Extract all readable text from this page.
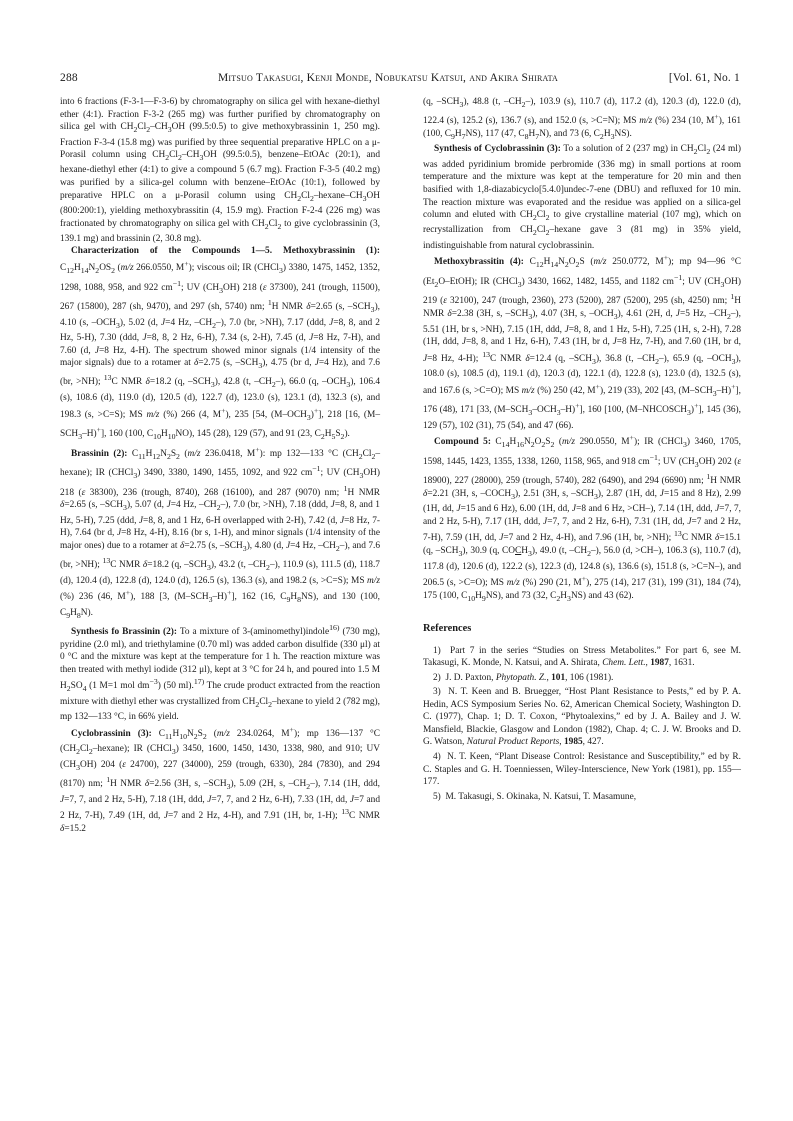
288	Mitsuo Takasugi, Kenji Monde, Nobukatsu Katsui, and Akira Shirata	[Vol. 61, No. 1

into 6 fractions (F-3-1—F-3-6) by chromatography on silica gel with hexane-diethyl ether (4:1). Fraction F-3-2 (265 mg) was further purified by chromatography on silica gel with $CH_2Cl_2-CH_3OH$ (99.5:0.5) to give methoxybrassinin 1, 250 mg). Fraction F-3-4 (15.8 mg) was purified by three sequential preparative HPLC on a μ-Porasil column using $CH_2Cl_2-CH_3OH$ (99.5:0.5), benzene–EtOAc (20:1), and hexane-diethyl ether (4:1) to give a compound 5 (6.7 mg). Fraction F-3-5 (40.2 mg) was purified by a silica-gel column with benzene–EtOAc (10:1), followed by preparative HPLC on a μ-Porasil column using $CH_2Cl_2-hexane-CH_3OH$ (800:200:1), yielding methoxybrassitin (4, 15.9 mg). Fraction F-2-4 (226 mg) was fractionated by chromatography on silica gel with $CH_2Cl_2$ to give cyclobrassinin (3, 139.1 mg) and brassinin (2, 30.8 mg).

Characterization of the Compounds 1—5. Methoxybrassinin (1): $C_{12}H_{14}N_2OS_2$ (m/z 266.0550, M+); viscous oil; IR (CHCl$_3$) 3380, 1475, 1452, 1352, 1298, 1088, 958, and 922 $cm^{-1}$; UV $(CH_3OH)$ 218 (ε 37300), 241 (trough, 11500), 267 (15800), 287 (sh, 9470), and 297 (sh, 5740) nm; $^1$H NMR δ=2.65 (s, $-SCH_3$), 4.10 (s, $-OCH_3$), 5.02 (d, J=4 Hz, $-CH_2-$), 7.0 (br, >NH), 7.17 (ddd, J=8, 8, and 2 Hz, 5-H), 7.30 (ddd, J=8, 8, 2 Hz, 6-H), 7.34 (s, 2-H), 7.45 (d, J=8 Hz, 7-H), and 7.60 (d, J=8 Hz, 4-H). The spectrum showed minor signals (1/4 intensity of the major signals) due to a rotamer at δ=2.75 (s, $-SCH_3$), 4.75 (br d, J=4 Hz), and 7.6 (br, >NH); $^{13}$C NMR δ=18.2 (q, $-SCH_3$), 42.8 (t, $-CH_2-$), 66.0 (q, $-OCH_3$), 106.4 (s), 108.6 (d), 119.0 (d), 120.5 (d), 122.7 (d), 123.0 (s), 123.1 (d), 132.3 (s), and 198.3 (s, >C=S); MS m/z (%) 266 (4, M+), 235 [54, $(M-OCH_3)^+$], 218 [16, $(M-SCH_3-H)^+$], 160 (100, $C_{10}H_{10}NO$), 145 (28), 129 (57), and 91 (23, $C_2H_5S_2$).

Brassinin (2): $C_{11}H_{12}N_2S_2$ (m/z 236.0418, M+): mp 132—133 °C $(CH_2Cl_2-hexane)$; IR (CHCl$_3$) 3490, 3380, 1490, 1455, 1092, and 922 $cm^{-1}$; UV $(CH_3OH)$ 218 (ε 38300), 236 (trough, 8740), 268 (16100), and 287 (9070) nm; $^1$H NMR δ=2.65 (s, $-SCH_3$), 5.07 (d, J=4 Hz, $-CH_2-$), 7.0 (br, >NH), 7.18 (ddd, J=8, 8, and 1 Hz, 5-H), 7.25 (ddd, J=8, 8, and 1 Hz, 6-H overlapped with 2-H), 7.42 (d, J=8 Hz, 7-H), 7.64 (br d, J=8 Hz, 4-H), 8.16 (br s, 1-H), and minor signals (1/4 intensity of the major ones) due to a rotamer at δ=2.75 (s, $-SCH_3$), 4.80 (d, J=4 Hz, $-CH_2-$), and 7.6 (br, >NH); $^{13}$C NMR δ=18.2 (q, $-SCH_3$), 43.2 (t, $-CH_2-$), 110.9 (s), 111.5 (d), 118.7 (d), 120.4 (d), 122.8 (d), 124.0 (d), 126.5 (s), 136.3 (s), and 198.2 (s, >C=S); MS m/z (%) 236 (46, M+), 188 [3, $(M-SCH_3-H)^+$], 162 (16, $C_9H_8NS$), and 130 (100, $C_9H_8N$).

Synthesis fo Brassinin (2): To a mixture of 3-(aminomethyl)indole$^{16)}$ (730 mg), pyridine (2.0 ml), and triethylamine (0.70 ml) was added carbon disulfide (330 μl) at 0 °C and the mixture was kept at the temperature for 1 h. The reaction mixture was then treated with methyl iodide (312 μl), kept at 3 °C for 24 h, and poured into 1.5 M $H_2SO_4$ (1 M=1 mol $dm^{-3}$) (50 ml).$^{17)}$ The crude product extracted from the reaction mixture with diethyl ether was crystallized from $CH_2Cl_2$–hexane to yield 2 (782 mg), mp 132—133 °C, in 66% yield.

Cyclobrassinin (3): $C_{11}H_{10}N_2S_2$ (m/z 234.0264, M+); mp 136—137 °C $(CH_2Cl_2-hexane)$; IR (CHCl$_3$) 3450, 1600, 1450, 1430, 1338, 980, and 910; UV $(CH_3OH)$ 204 (ε 24700), 227 (34000), 259 (trough, 6330), 284 (7830), and 294 (8170) nm; $^1$H NMR δ=2.56 (3H, s, $-SCH_3$), 5.09 (2H, s, $-CH_2-$), 7.14 (1H, ddd, J=7, 7, and 2 Hz, 5-H), 7.18 (1H, ddd, J=7, 7, and 2 Hz, 6-H), 7.33 (1H, dd, J=7 and 2 Hz, 7-H), 7.49 (1H, dd, J=7 and 2 Hz, 4-H), and 7.91 (1H, br, 1-H); $^{13}$C NMR δ=15.2

(q, $-SCH_3$), 48.8 (t, $-CH_2-$), 103.9 (s), 110.7 (d), 117.2 (d), 120.3 (d), 122.0 (d), 122.4 (s), 125.2 (s), 136.7 (s), and 152.0 (s, >C=N); MS m/z (%) 234 (10, M+), 161 (100, $C_9H_7NS$), 117 (47, $C_8H_7N$), and 73 (6, $C_2H_3NS$).

Synthesis of Cyclobrassinin (3): To a solution of 2 (237 mg) in $CH_2Cl_2$ (24 ml) was added pyridinium bromide perbromide (336 mg) in small portions at room temperature and the mixture was kept at the temperature for 20 min and then basified with 1,8-diazabicyclo[5.4.0]undec-7-ene (DBU) and refluxed for 10 min. The reaction mixture was evaporated and the residue was applied on a silica-gel column and eluted with $CH_2Cl_2$ to give crystalline material (107 mg), which on recrystallization from $CH_2Cl_2$–hexane gave 3 (81 mg) in 35% yield, indistinguishable from natural cyclobrassinin.

Methoxybrassitin (4): $C_{12}H_{14}N_2O_2S$ (m/z 250.0772, M+); mp 94—96 °C $(Et_2O-EtOH)$; IR (CHCl$_3$) 3430, 1662, 1482, 1455, and 1182 $cm^{-1}$; UV $(CH_3OH)$ 219 (ε 32100), 247 (trough, 2360), 273 (5200), 287 (5200), 295 (sh, 4250) nm; $^1$H NMR δ=2.38 (3H, s, $-SCH_3$), 4.07 (3H, s, $-OCH_3$), 4.61 (2H, d, J=5 Hz, $-CH_2-$), 5.51 (1H, br s, >NH), 7.15 (1H, ddd, J=8, 8, and 1 Hz, 5-H), 7.25 (1H, s, 2-H), 7.28 (1H, ddd, J=8, 8, and 1 Hz, 6-H), 7.43 (1H, br d, J=8 Hz, 7-H), and 7.60 (1H, br d, J=8 Hz, 4-H); $^{13}$C NMR δ=12.4 (q, $-SCH_3$), 36.8 (t, $-CH_2-$), 65.9 (q, $-OCH_3$), 108.0 (s), 108.5 (d), 119.1 (d), 120.3 (d), 122.1 (d), 122.8 (s), 123.0 (d), 132.5 (s), and 167.6 (s, >C=O); MS m/z (%) 250 (42, M+), 219 (33), 202 [43, $(M-SCH_3-H)^+$], 176 (48), 171 [33, $(M-SCH_3-OCH_3-H)^+$], 160 [100, $(M-NHCOSCH_3)^+$], 145 (36), 129 (57), 102 (31), 75 (54), and 47 (66).

Compound 5: $C_{14}H_{16}N_2O_2S_2$ (m/z 290.0550, M+); IR (CHCl$_3$) 3460, 1705, 1598, 1445, 1423, 1355, 1338, 1260, 1158, 965, and 918 $cm^{-1}$; UV $(CH_3OH)$ 202 (ε 18900), 227 (28000), 259 (trough, 5740), 282 (6490), and 294 (6690) nm; $^1$H NMR δ=2.21 (3H, s, $-COCH_3$), 2.51 (3H, s, $-SCH_3$), 2.87 (1H, dd, J=15 and 8 Hz), 2.99 (1H, dd, J=15 and 6 Hz), 6.00 (1H, dd, J=8 and 6 Hz, >CH–), 7.14 (1H, ddd, J=7, 7, and 2 Hz, 5-H), 7.17 (1H, ddd, J=7, 7, and 2 Hz, 6-H), 7.31 (1H, dd, J=7 and 2 Hz, 7-H), 7.59 (1H, dd, J=7 and 2 Hz, 4-H), and 7.96 (1H, br, >NH); $^{13}$C NMR δ=15.1 (q, $-SCH_3$), 30.9 (q, $COCH_3$), 49.0 (t, $-CH_2-$), 56.0 (d, >CH–), 106.3 (s), 110.7 (d), 117.8 (d), 120.6 (d), 122.2 (s), 122.3 (d), 124.8 (s), 136.6 (s), 151.8 (s, >C=N–), and 206.5 (s, >C=O); MS m/z (%) 290 (21, M+), 275 (14), 217 (31), 199 (31), 184 (74), 175 (100, $C_{10}H_9NS$), and 73 (32, $C_2H_3NS$) and 43 (62).

References

1)  Part 7 in the series “Studies on Stress Metabolites.” For part 6, see M. Takasugi, K. Monde, N. Katsui, and A. Shirata, Chem. Lett., 1987, 1631.

2)  J. D. Paxton, Phytopath. Z., 101, 106 (1981).

3)  N. T. Keen and B. Bruegger, “Host Plant Resistance to Pests,” ed by P. A. Hedin, ACS Symposium Series No. 62, American Chemical Society, Washington D. C. (1977), Chap. 1; D. T. Coxon, “Phytoalexins,” ed by J. A. Bailey and J. W. Mansfield, Blackie, Glasgow and London (1982), Chap. 4; C. J. W. Brooks and D. G. Watson, Natural Product Reports, 1985, 427.

4)  N. T. Keen, “Plant Disease Control: Resistance and Susceptibility,” ed by R. C. Staples and G. H. Toenniessen, Wiley-Interscience, New York (1981), pp. 155—177.

5)  M. Takasugi, S. Okinaka, N. Katsui, T. Masamune,
